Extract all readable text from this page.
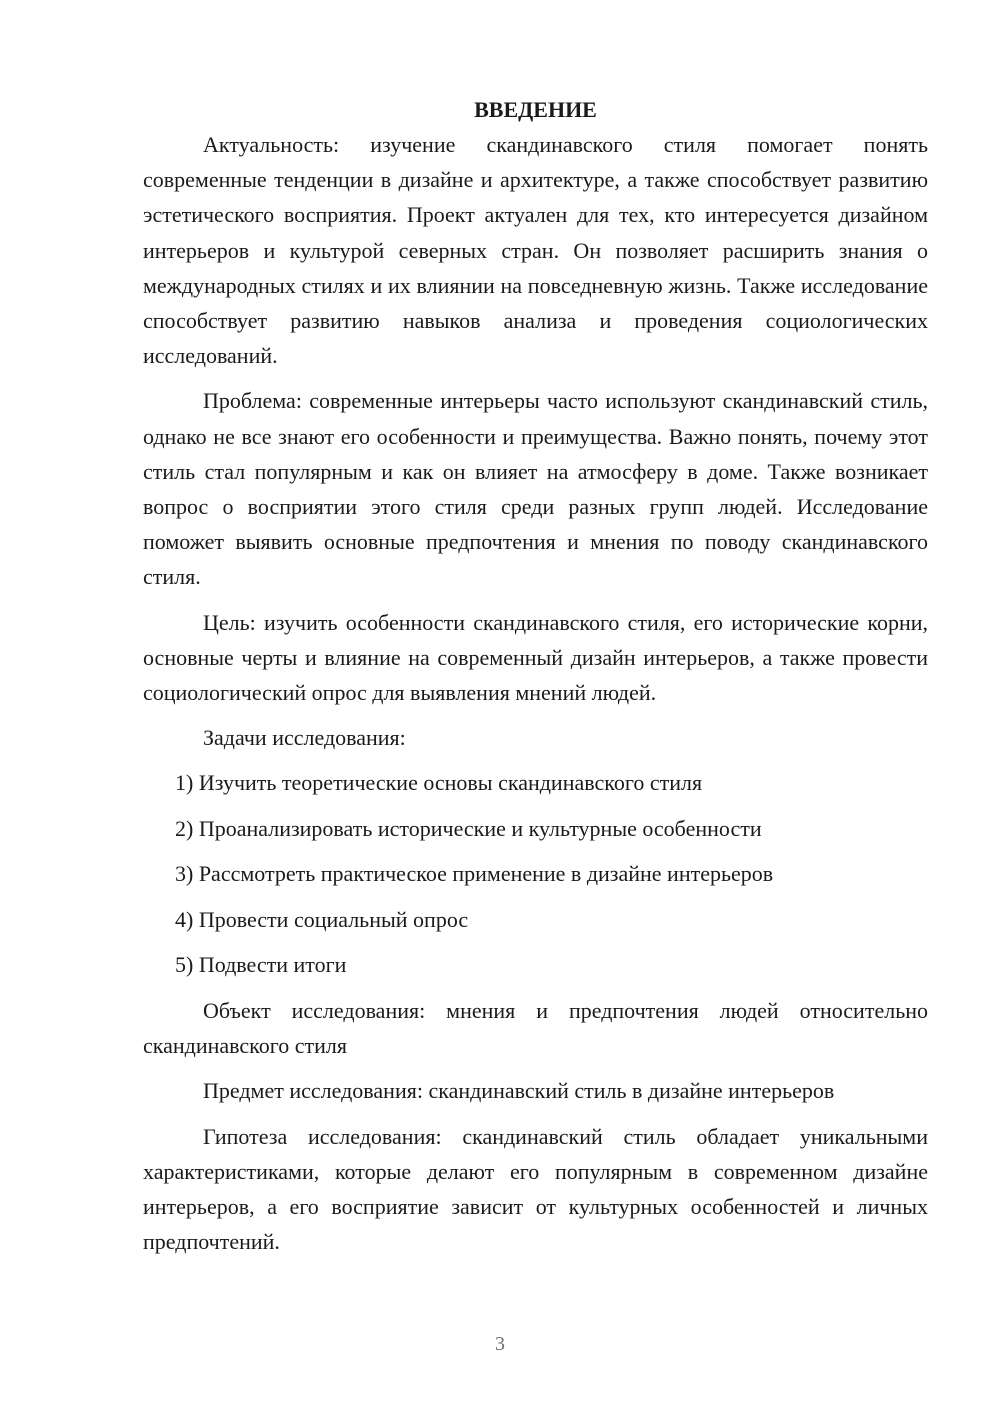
ВВЕДЕНИЕ

Актуальность: изучение скандинавского стиля помогает понять современные тенденции в дизайне и архитектуре, а также способствует развитию эстетического восприятия. Проект актуален для тех, кто интересуется дизайном интерьеров и культурой северных стран. Он позволяет расширить знания о международных стилях и их влиянии на повседневную жизнь. Также исследование способствует развитию навыков анализа и проведения социологических исследований.

Проблема: современные интерьеры часто используют скандинавский стиль, однако не все знают его особенности и преимущества. Важно понять, почему этот стиль стал популярным и как он влияет на атмосферу в доме. Также возникает вопрос о восприятии этого стиля среди разных групп людей. Исследование поможет выявить основные предпочтения и мнения по поводу скандинавского стиля.

Цель: изучить особенности скандинавского стиля, его исторические корни, основные черты и влияние на современный дизайн интерьеров, а также провести социологический опрос для выявления мнений людей.

Задачи исследования:

1) Изучить теоретические основы скандинавского стиля
2) Проанализировать исторические и культурные особенности
3) Рассмотреть практическое применение в дизайне интерьеров
4) Провести социальный опрос
5) Подвести итоги

Объект исследования: мнения и предпочтения людей относительно скандинавского стиля

Предмет исследования: скандинавский стиль в дизайне интерьеров

Гипотеза исследования: скандинавский стиль обладает уникальными характеристиками, которые делают его популярным в современном дизайне интерьеров, а его восприятие зависит от культурных особенностей и личных предпочтений.

3
